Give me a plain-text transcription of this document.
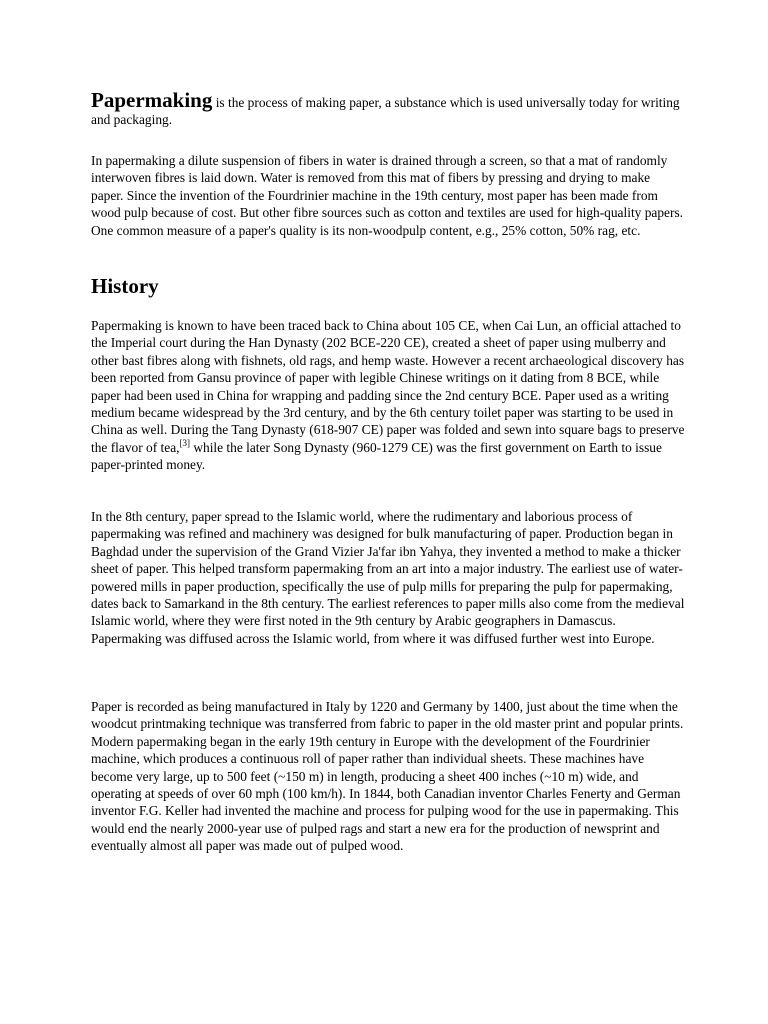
Papermaking is the process of making paper, a substance which is used universally today for writing and packaging.

In papermaking a dilute suspension of fibers in water is drained through a screen, so that a mat of randomly interwoven fibres is laid down. Water is removed from this mat of fibers by pressing and drying to make paper. Since the invention of the Fourdrinier machine in the 19th century, most paper has been made from wood pulp because of cost. But other fibre sources such as cotton and textiles are used for high-quality papers. One common measure of a paper's quality is its non-woodpulp content, e.g., 25% cotton, 50% rag, etc.

History

Papermaking is known to have been traced back to China about 105 CE, when Cai Lun, an official attached to the Imperial court during the Han Dynasty (202 BCE-220 CE), created a sheet of paper using mulberry and other bast fibres along with fishnets, old rags, and hemp waste. However a recent archaeological discovery has been reported from Gansu province of paper with legible Chinese writings on it dating from 8 BCE, while paper had been used in China for wrapping and padding since the 2nd century BCE. Paper used as a writing medium became widespread by the 3rd century, and by the 6th century toilet paper was starting to be used in China as well. During the Tang Dynasty (618-907 CE) paper was folded and sewn into square bags to preserve the flavor of tea,[3] while the later Song Dynasty (960-1279 CE) was the first government on Earth to issue paper-printed money.

In the 8th century, paper spread to the Islamic world, where the rudimentary and laborious process of papermaking was refined and machinery was designed for bulk manufacturing of paper. Production began in Baghdad under the supervision of the Grand Vizier Ja'far ibn Yahya, they invented a method to make a thicker sheet of paper. This helped transform papermaking from an art into a major industry. The earliest use of water-powered mills in paper production, specifically the use of pulp mills for preparing the pulp for papermaking, dates back to Samarkand in the 8th century. The earliest references to paper mills also come from the medieval Islamic world, where they were first noted in the 9th century by Arabic geographers in Damascus. Papermaking was diffused across the Islamic world, from where it was diffused further west into Europe.

Paper is recorded as being manufactured in Italy by 1220 and Germany by 1400, just about the time when the woodcut printmaking technique was transferred from fabric to paper in the old master print and popular prints. Modern papermaking began in the early 19th century in Europe with the development of the Fourdrinier machine, which produces a continuous roll of paper rather than individual sheets. These machines have become very large, up to 500 feet (~150 m) in length, producing a sheet 400 inches (~10 m) wide, and operating at speeds of over 60 mph (100 km/h). In 1844, both Canadian inventor Charles Fenerty and German inventor F.G. Keller had invented the machine and process for pulping wood for the use in papermaking. This would end the nearly 2000-year use of pulped rags and start a new era for the production of newsprint and eventually almost all paper was made out of pulped wood.
